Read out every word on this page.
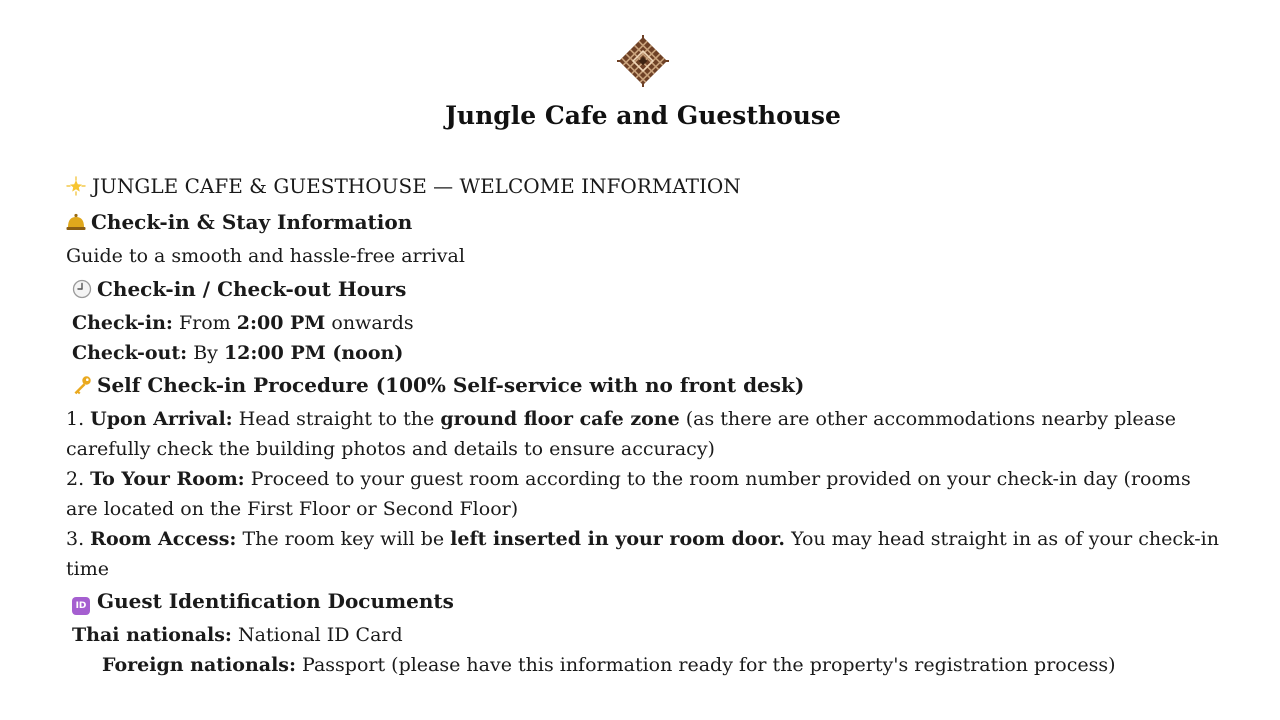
Jungle Cafe and Guesthouse
JUNGLE CAFE & GUESTHOUSE — WELCOME INFORMATION
Check-in & Stay Information
Guide to a smooth and hassle-free arrival
Check-in / Check-out Hours
Check-in: From 2:00 PM onwards
Check-out: By 12:00 PM (noon)
Self Check-in Procedure (100% Self-service with no front desk)
1. Upon Arrival: Head straight to the ground floor cafe zone (as there are other accommodations nearby please carefully check the building photos and details to ensure accuracy)
2. To Your Room: Proceed to your guest room according to the room number provided on your check-in day (rooms are located on the First Floor or Second Floor)
3. Room Access: The room key will be left inserted in your room door. You may head straight in as of your check-in time
ID Guest Identification Documents
Thai nationals: National ID Card
Foreign nationals: Passport (please have this information ready for the property's registration process)
